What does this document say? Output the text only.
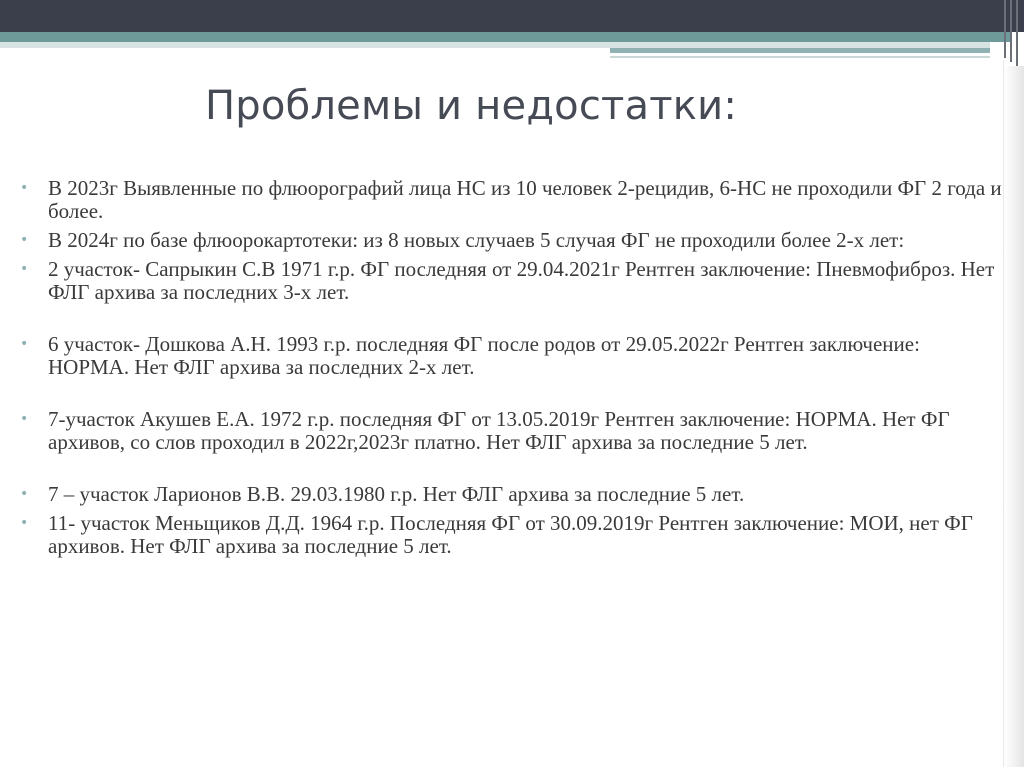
Проблемы и недостатки:

• В 2023г Выявленные по флюорографий лица НС из 10 человек 2-рецидив, 6-НС не проходили ФГ 2 года и более.

• В 2024г по базе флюорокартотеки: из 8 новых случаев 5 случая ФГ не проходили более 2-х лет:

• 2 участок- Сапрыкин С.В 1971 г.р. ФГ последняя от 29.04.2021г Рентген заключение: Пневмофиброз. Нет ФЛГ архива за последних 3-х лет.

• 6 участок- Дошкова А.Н. 1993 г.р. последняя ФГ после родов от 29.05.2022г Рентген заключение: НОРМА. Нет ФЛГ архива за последних 2-х лет.

• 7-участок Акушев Е.А. 1972 г.р. последняя ФГ от 13.05.2019г Рентген заключение: НОРМА. Нет ФГ архивов, со слов проходил в 2022г,2023г платно. Нет ФЛГ архива за последние 5 лет.

• 7 – участок Ларионов В.В. 29.03.1980 г.р. Нет ФЛГ архива за последние 5 лет.

• 11- участок Меньщиков Д.Д. 1964 г.р. Последняя ФГ от 30.09.2019г Рентген заключение: МОИ, нет ФГ архивов. Нет ФЛГ архива за последние 5 лет.
